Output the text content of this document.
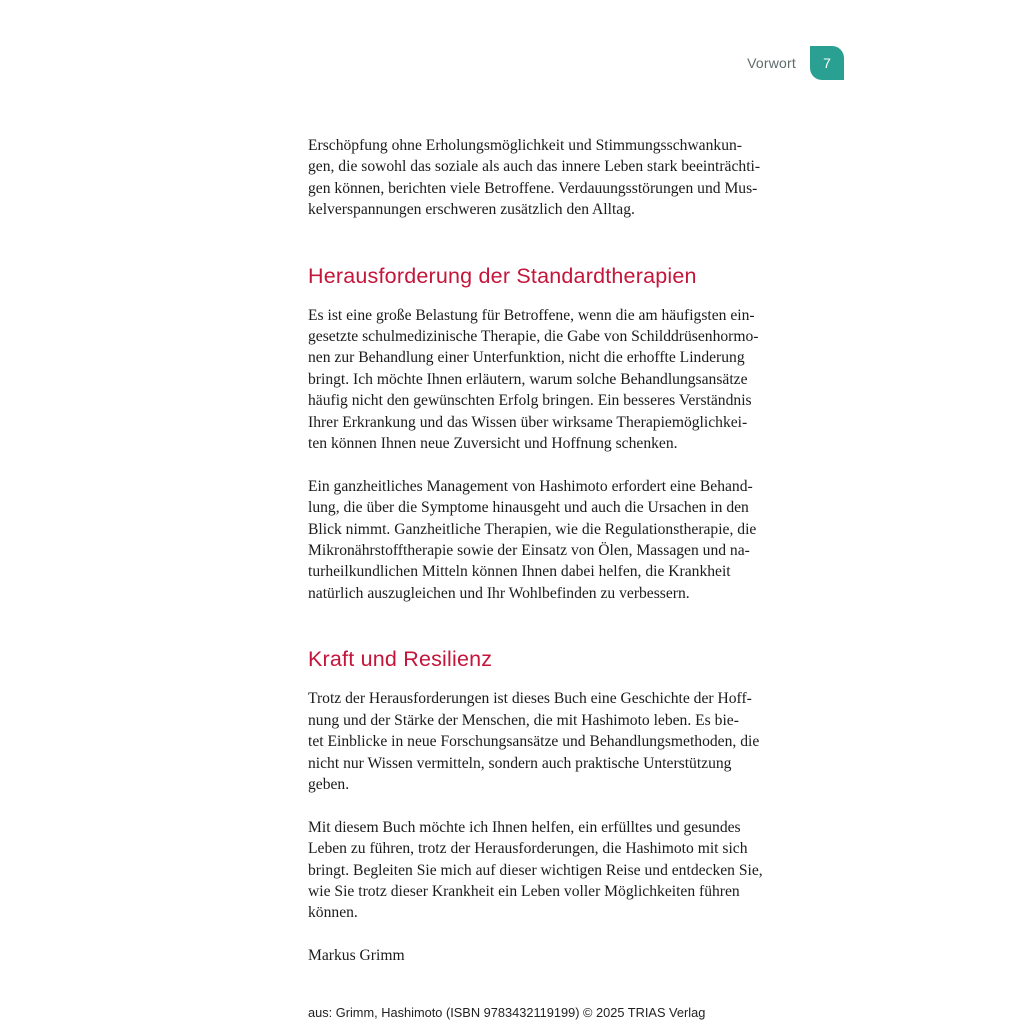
Vorwort	7

Erschöpfung ohne Erholungsmöglichkeit und Stimmungsschwankun-
gen, die sowohl das soziale als auch das innere Leben stark beeinträchti-
gen können, berichten viele Betroffene. Verdauungsstörungen und Mus-
kelverspannungen erschweren zusätzlich den Alltag.

Herausforderung der Standardtherapien

Es ist eine große Belastung für Betroffene, wenn die am häufigsten ein-
gesetzte schulmedizinische Therapie, die Gabe von Schilddrüsenhormo-
nen zur Behandlung einer Unterfunktion, nicht die erhoffte Linderung
bringt. Ich möchte Ihnen erläutern, warum solche Behandlungsansätze
häufig nicht den gewünschten Erfolg bringen. Ein besseres Verständnis
Ihrer Erkrankung und das Wissen über wirksame Therapiemöglichkei-
ten können Ihnen neue Zuversicht und Hoffnung schenken.

Ein ganzheitliches Management von Hashimoto erfordert eine Behand-
lung, die über die Symptome hinausgeht und auch die Ursachen in den
Blick nimmt. Ganzheitliche Therapien, wie die Regulationstherapie, die
Mikronährstofftherapie sowie der Einsatz von Ölen, Massagen und na-
turheilkundlichen Mitteln können Ihnen dabei helfen, die Krankheit
natürlich auszugleichen und Ihr Wohlbefinden zu verbessern.

Kraft und Resilienz

Trotz der Herausforderungen ist dieses Buch eine Geschichte der Hoff-
nung und der Stärke der Menschen, die mit Hashimoto leben. Es bie-
tet Einblicke in neue Forschungsansätze und Behandlungsmethoden, die
nicht nur Wissen vermitteln, sondern auch praktische Unterstützung
geben.

Mit diesem Buch möchte ich Ihnen helfen, ein erfülltes und gesundes
Leben zu führen, trotz der Herausforderungen, die Hashimoto mit sich
bringt. Begleiten Sie mich auf dieser wichtigen Reise und entdecken Sie,
wie Sie trotz dieser Krankheit ein Leben voller Möglichkeiten führen
können.

Markus Grimm

aus: Grimm, Hashimoto (ISBN 9783432119199) © 2025 TRIAS Verlag
